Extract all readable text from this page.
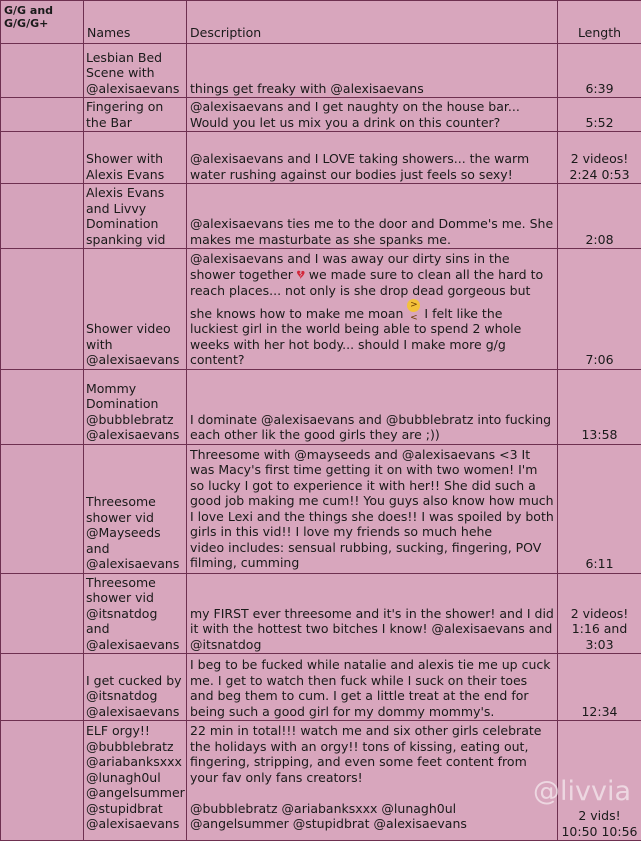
G/G and G/G/G+	Names	Description	Length
	Lesbian Bed Scene with @alexisaevans	things get freaky with @alexisaevans	6:39
	Fingering on the Bar	@alexisaevans and I get naughty on the house bar... Would you let us mix you a drink on this counter?	5:52
	Shower with Alexis Evans	@alexisaevans and I LOVE taking showers... the warm water rushing against our bodies just feels so sexy!	2 videos! 2:24 0:53
	Alexis Evans and Livvy Domination spanking vid	@alexisaevans ties me to the door and Domme's me. She makes me masturbate as she spanks me.	2:08
	Shower video with @alexisaevans	@alexisaevans and I was away our dirty sins in the shower together 💔︎ we made sure to clean all the hard to reach places... not only is she drop dead gorgeous but she knows how to make me moan >< I felt like the luckiest girl in the world being able to spend 2 whole weeks with her hot body... should I make more g/g content?	7:06
	Mommy Domination @bubblebratz @alexisaevans	I dominate @alexisaevans and @bubblebratz into fucking each other lik the good girls they are ;))	13:58
	Threesome shower vid @Mayseeds and @alexisaevans	Threesome with @mayseeds and @alexisaevans <3 It was Macy's first time getting it on with two women! I'm so lucky I got to experience it with her!! She did such a good job making me cum!! You guys also know how much I love Lexi and the things she does!! I was spoiled by both girls in this vid!! I love my friends so much hehe
video includes: sensual rubbing, sucking, fingering, POV filming, cumming	6:11
	Threesome shower vid @itsnatdog and @alexisaevans	my FIRST ever threesome and it's in the shower! and I did it with the hottest two bitches I know! @alexisaevans and @itsnatdog	2 videos! 1:16 and 3:03
	I get cucked by @itsnatdog @alexisaevans	I beg to be fucked while natalie and alexis tie me up cuck me. I get to watch then fuck while I suck on their toes and beg them to cum. I get a little treat at the end for being such a good girl for my dommy mommy's.	12:34
	ELF orgy!! @bubblebratz @ariabanksxxx @lunagh0ul @angelsummer @stupidbrat @alexisaevans	22 min in total!!! watch me and six other girls celebrate the holidays with an orgy!! tons of kissing, eating out, fingering, stripping, and even some feet content from your fav only fans creators!

@bubblebratz @ariabanksxxx @lunagh0ul @angelsummer @stupidbrat @alexisaevans	2 vids! 10:50 10:56
@livvia
